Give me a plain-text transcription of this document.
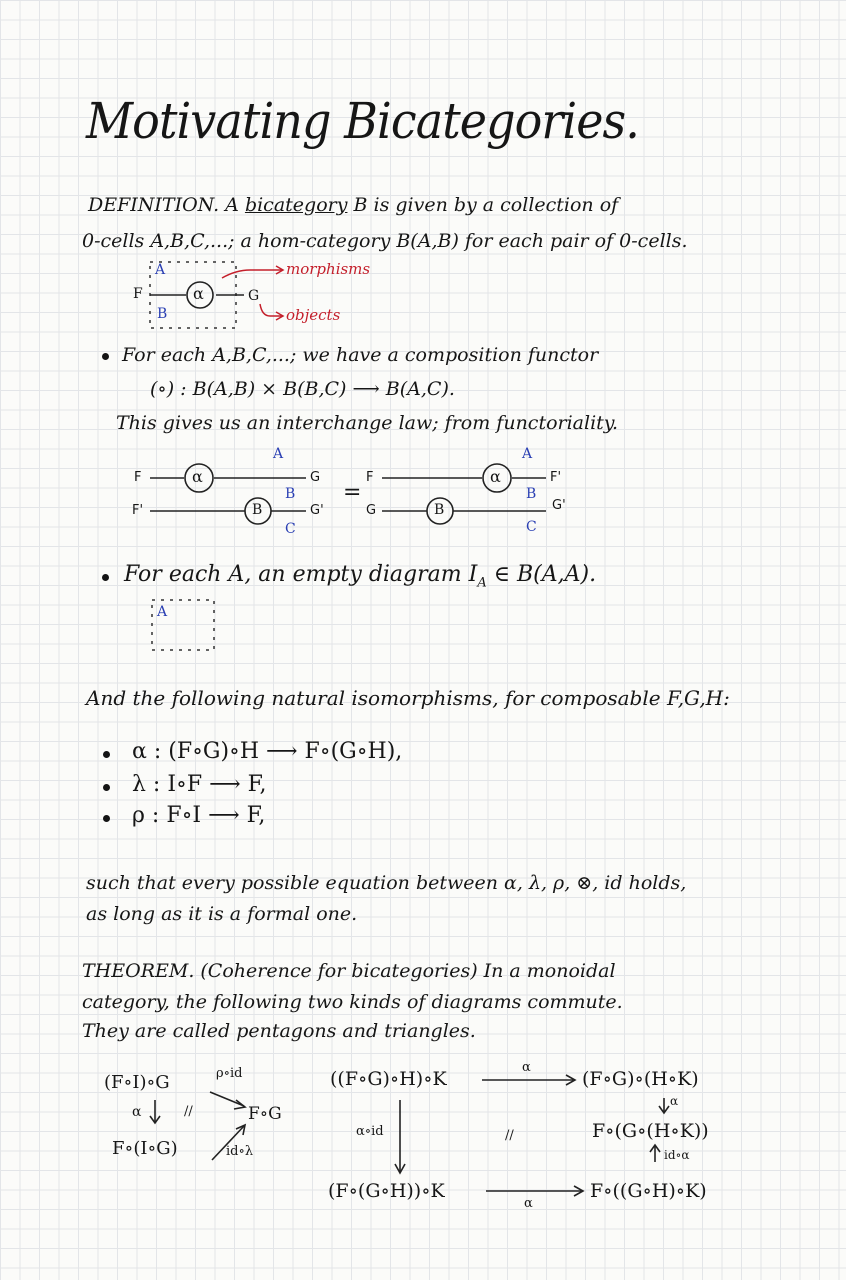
Motivating Bicategories.
DEFINITION. A bicategory B is given by a collection of
0-cells A,B,C,...; a hom-category B(A,B) for each pair of 0-cells.
A
B
F	G
α
morphisms
objects
For each A,B,C,...; we have a composition functor
(∘) : B(A,B) × B(B,C) ⟶ B(A,C).
This gives us an interchange law; from functoriality.
F
F'
G
G'
A
B
C
α
B
=
F
G
F'
G'
A
B
C
α
B
For each A, an empty diagram $I_A$ ∈ B(A,A).
A
And the following natural isomorphisms, for composable F,G,H:
α : (F∘G)∘H ⟶ F∘(G∘H),
λ : I∘F ⟶ F,
ρ : F∘I ⟶ F,
such that every possible equation between α, λ, ρ, ⊗, id holds,
as long as it is a formal one.
THEOREM. (Coherence for bicategories) In a monoidal
category, the following two kinds of diagrams commute.
They are called pentagons and triangles.
(F∘I)∘G	ρ∘id
F∘G
α	//
F∘(I∘G)	id∘λ
((F∘G)∘H)∘K
α
(F∘G)∘(H∘K)
α
F∘(G∘(H∘K))
id∘α
α∘id	//
(F∘(G∘H))∘K
α
F∘((G∘H)∘K)
